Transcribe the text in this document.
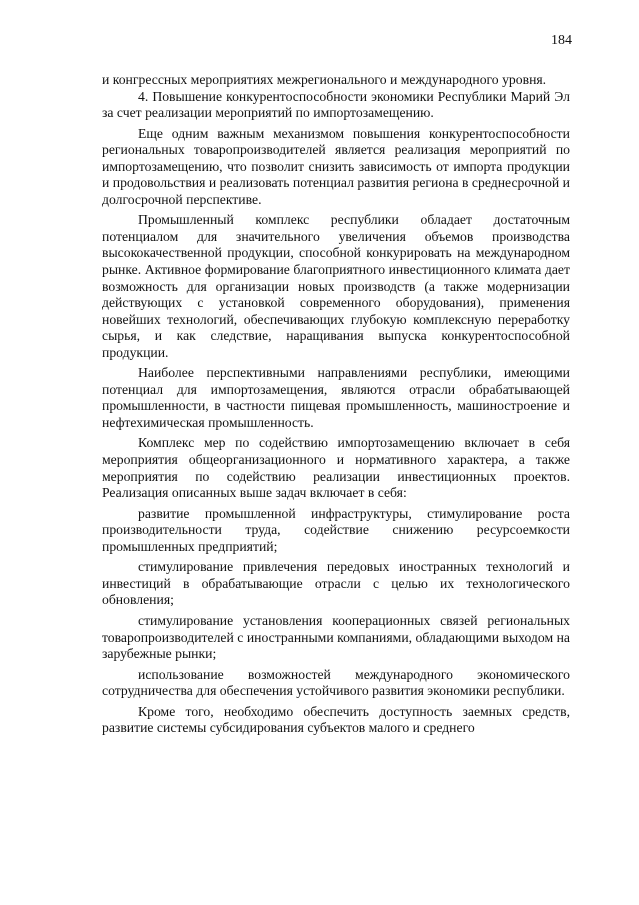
184

и конгрессных мероприятиях межрегионального и международного уровня.

4. Повышение конкурентоспособности экономики Республики Марий Эл за счет реализации мероприятий по импортозамещению.

Еще одним важным механизмом повышения конкурентоспособности региональных товаропроизводителей является реализация мероприятий по импортозамещению, что позволит снизить зависимость от импорта продукции и продовольствия и реализовать потенциал развития региона в среднесрочной и долгосрочной перспективе.

Промышленный комплекс республики обладает достаточным потенциалом для значительного увеличения объемов производства высококачественной продукции, способной конкурировать на международном рынке. Активное формирование благоприятного инвестиционного климата дает возможность для организации новых производств (а также модернизации действующих с установкой современного оборудования), применения новейших технологий, обеспечивающих глубокую комплексную переработку сырья, и как следствие, наращивания выпуска конкурентоспособной продукции.

Наиболее перспективными направлениями республики, имеющими потенциал для импортозамещения, являются отрасли обрабатывающей промышленности, в частности пищевая промышленность, машиностроение и нефтехимическая промышленность.

Комплекс мер по содействию импортозамещению включает в себя мероприятия общеорганизационного и нормативного характера, а также мероприятия по содействию реализации инвестиционных проектов. Реализация описанных выше задач включает в себя:

развитие промышленной инфраструктуры, стимулирование роста производительности труда, содействие снижению ресурсоемкости промышленных предприятий;

стимулирование привлечения передовых иностранных технологий и инвестиций в обрабатывающие отрасли с целью их технологического обновления;

стимулирование установления кооперационных связей региональных товаропроизводителей с иностранными компаниями, обладающими выходом на зарубежные рынки;

использование возможностей международного экономического сотрудничества для обеспечения устойчивого развития экономики республики.

Кроме того, необходимо обеспечить доступность заемных средств, развитие системы субсидирования субъектов малого и среднего
